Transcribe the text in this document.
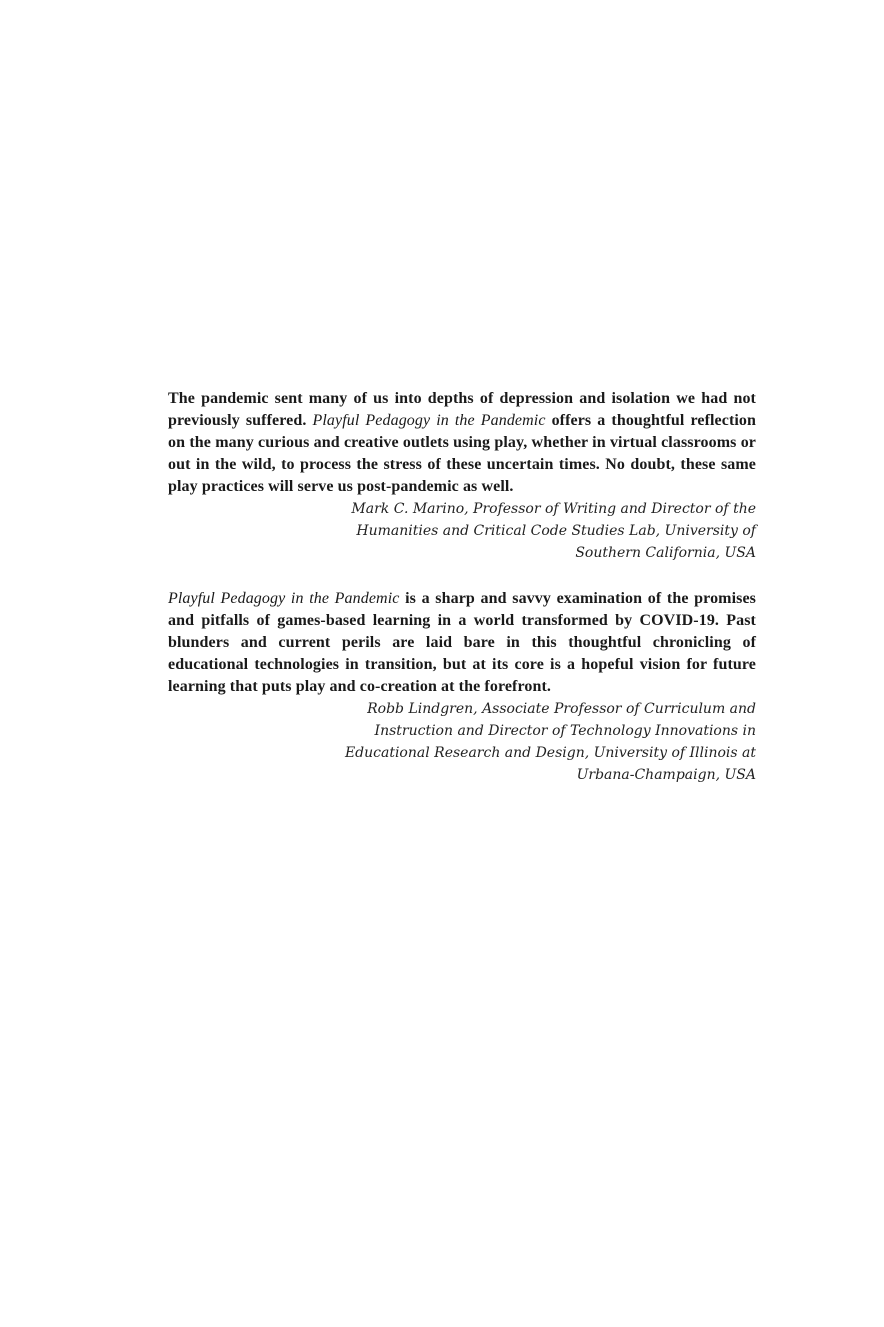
The pandemic sent many of us into depths of depression and isolation we had not previously suffered. Playful Pedagogy in the Pandemic offers a thoughtful reflection on the many curious and creative outlets using play, whether in virtual classrooms or out in the wild, to process the stress of these uncertain times. No doubt, these same play practices will serve us post-pandemic as well.

Mark C. Marino, Professor of Writing and Director of the
Humanities and Critical Code Studies Lab, University of
Southern California, USA

Playful Pedagogy in the Pandemic is a sharp and savvy examination of the promises and pitfalls of games-based learning in a world transformed by COVID-19. Past blunders and current perils are laid bare in this thoughtful chronicling of educational technologies in transition, but at its core is a hopeful vision for future learning that puts play and co-creation at the forefront.

Robb Lindgren, Associate Professor of Curriculum and
Instruction and Director of Technology Innovations in
Educational Research and Design, University of Illinois at
Urbana-Champaign, USA
